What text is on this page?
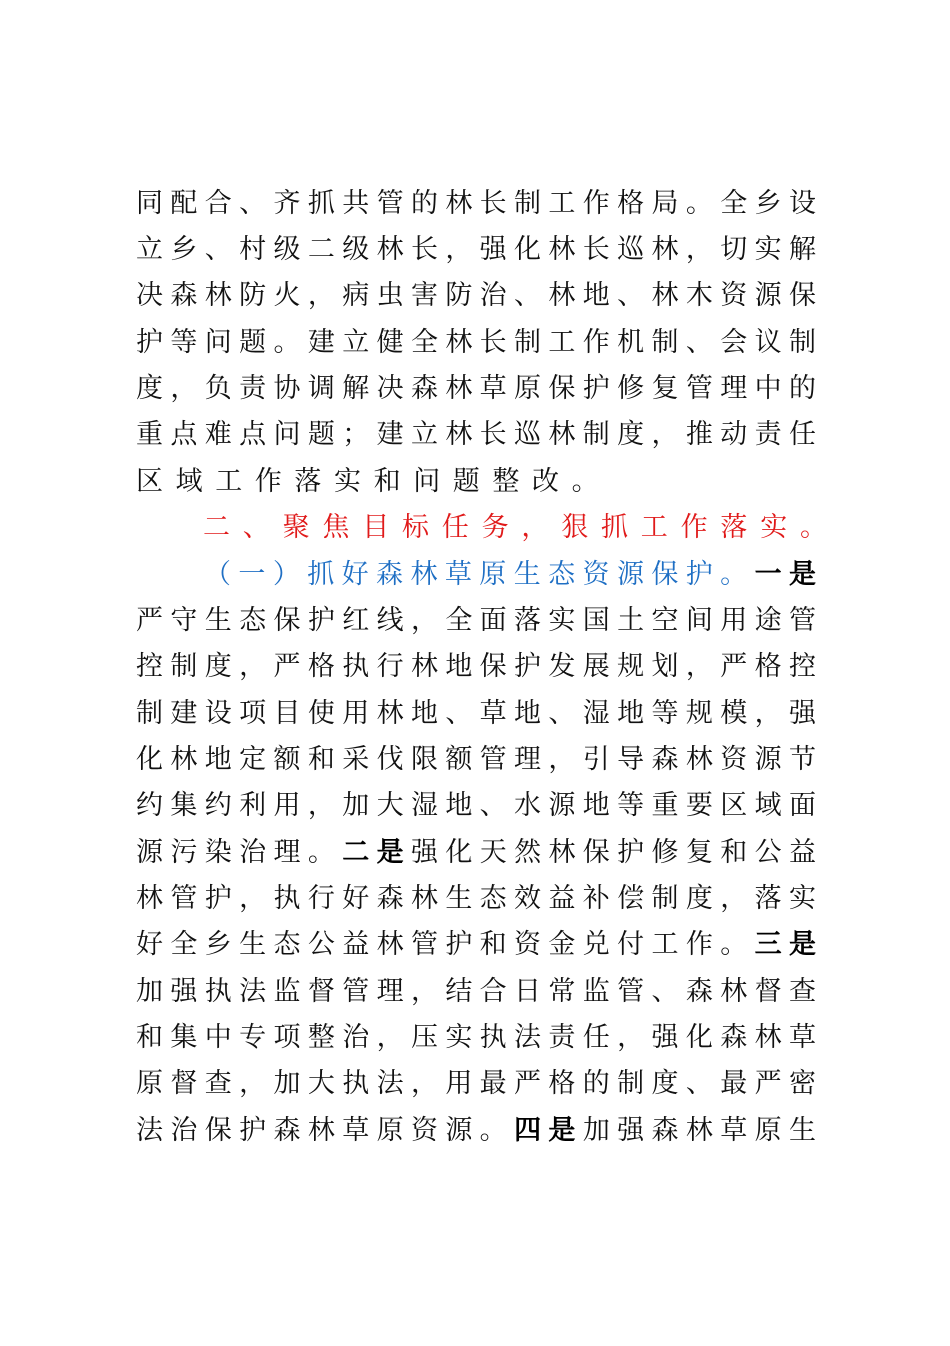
同配合、齐抓共管的林长制工作格局。全乡设
立乡、村级二级林长，强化林长巡林，切实解
决森林防火，病虫害防治、林地、林木资源保
护等问题。建立健全林长制工作机制、会议制
度，负责协调解决森林草原保护修复管理中的
重点难点问题；建立林长巡林制度，推动责任
区域工作落实和问题整改。
二、聚焦目标任务，狠抓工作落实。
（一）抓好森林草原生态资源保护。一是
严守生态保护红线，全面落实国土空间用途管
控制度，严格执行林地保护发展规划，严格控
制建设项目使用林地、草地、湿地等规模，强
化林地定额和采伐限额管理，引导森林资源节
约集约利用，加大湿地、水源地等重要区域面
源污染治理。二是强化天然林保护修复和公益
林管护，执行好森林生态效益补偿制度，落实
好全乡生态公益林管护和资金兑付工作。三是
加强执法监督管理，结合日常监管、森林督查
和集中专项整治，压实执法责任，强化森林草
原督查，加大执法，用最严格的制度、最严密
法治保护森林草原资源。四是加强森林草原生
